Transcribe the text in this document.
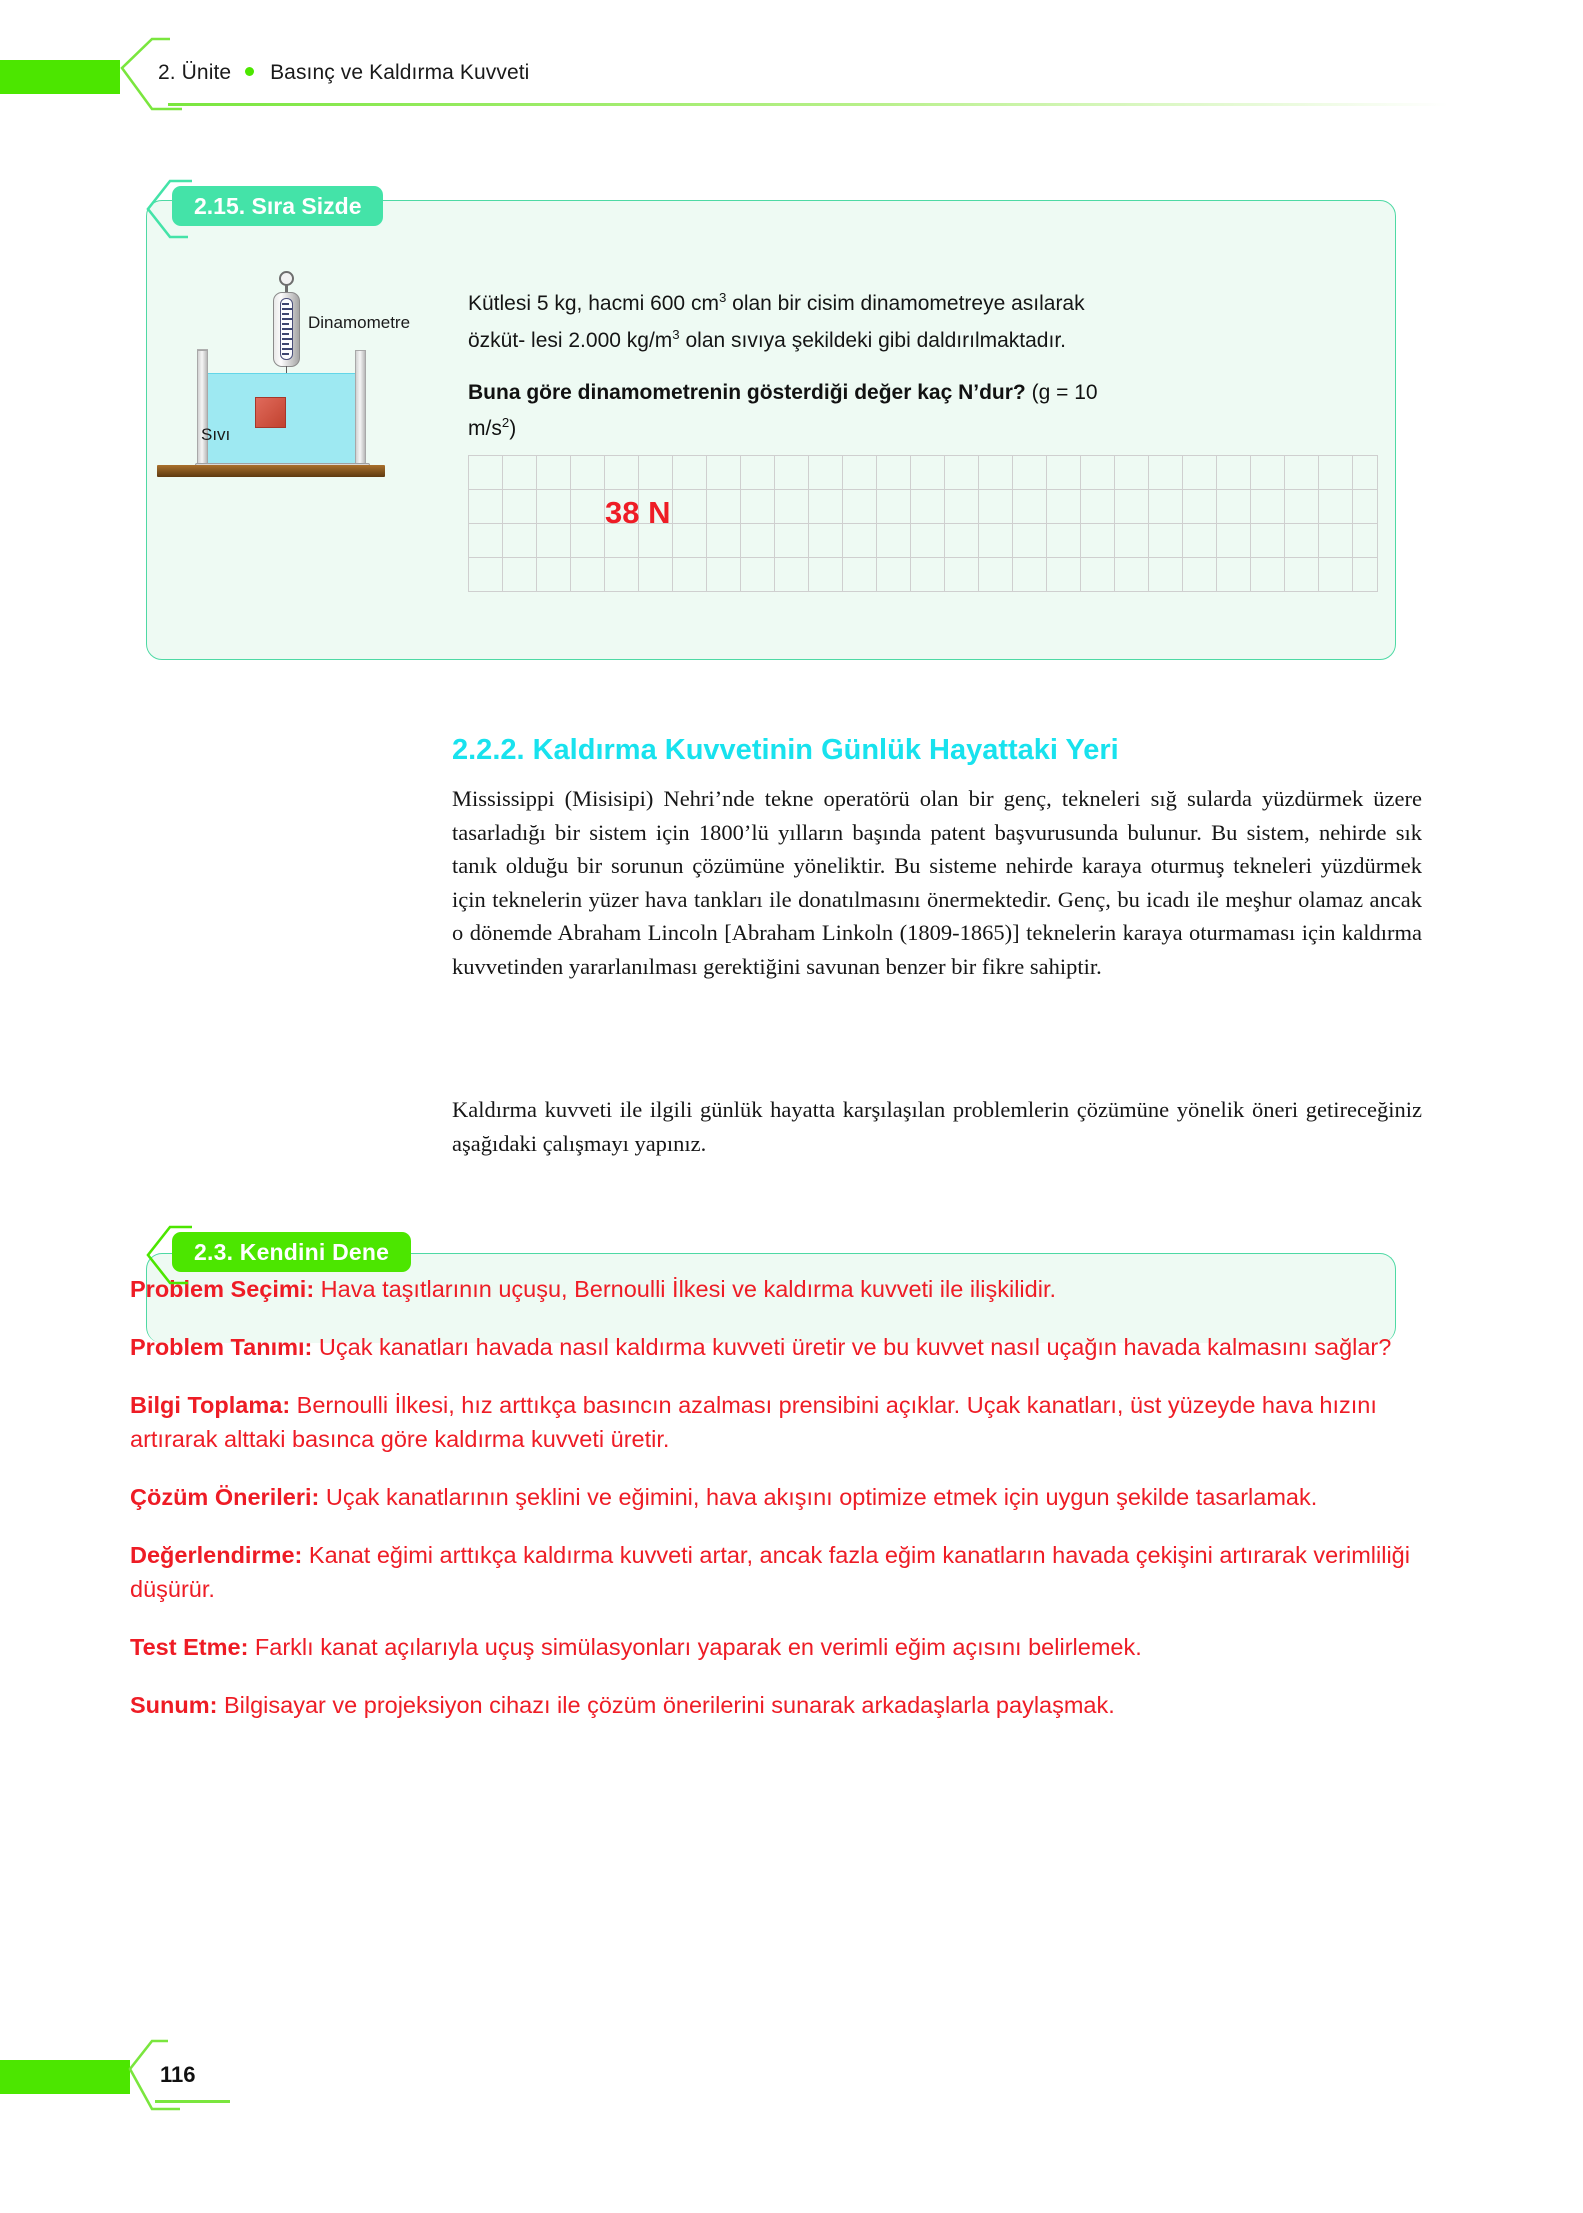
2. Ünite Basınç ve Kaldırma Kuvveti
2.15. Sıra Sizde
Dinamometre
Sıvı
Kütlesi 5 kg, hacmi 600 $cm^3$ olan bir cisim dinamometreye asılarak özküt- lesi 2.000 $kg/m^3$ olan sıvıya şekildeki gibi daldırılmaktadır.
Buna göre dinamometrenin gösterdiği değer kaç N’dur? (g = 10 $m/s^2$)
38 N
2.2.2. Kaldırma Kuvvetinin Günlük Hayattaki Yeri
Mississippi (Misisipi) Nehri’nde tekne operatörü olan bir genç, tekneleri sığ sularda yüzdürmek üzere tasarladığı bir sistem için 1800’lü yılların başında patent başvurusunda bulunur. Bu sistem, nehirde sık tanık olduğu bir sorunun çözümüne yöneliktir. Bu sisteme nehirde karaya oturmuş tekneleri yüzdürmek için teknelerin yüzer hava tankları ile donatılmasını önermektedir. Genç, bu icadı ile meşhur olamaz ancak o dönemde Abraham Lincoln [Abraham Linkoln (1809-1865)] teknelerin karaya oturmaması için kaldırma kuvvetinden yararlanılması gerektiğini savunan benzer bir fikre sahiptir.
Kaldırma kuvveti ile ilgili günlük hayatta karşılaşılan problemlerin çözümüne yönelik öneri getireceğiniz aşağıdaki çalışmayı yapınız.
2.3. Kendini Dene
Problem Seçimi: Hava taşıtlarının uçuşu, Bernoulli İlkesi ve kaldırma kuvveti ile ilişkilidir.
Problem Tanımı: Uçak kanatları havada nasıl kaldırma kuvveti üretir ve bu kuvvet nasıl uçağın havada kalmasını sağlar?
Bilgi Toplama: Bernoulli İlkesi, hız arttıkça basıncın azalması prensibini açıklar. Uçak kanatları, üst yüzeyde hava hızını artırarak alttaki basınca göre kaldırma kuvveti üretir.
Çözüm Önerileri: Uçak kanatlarının şeklini ve eğimini, hava akışını optimize etmek için uygun şekilde tasarlamak.
Değerlendirme: Kanat eğimi arttıkça kaldırma kuvveti artar, ancak fazla eğim kanatların havada çekişini artırarak verimliliği düşürür.
Test Etme: Farklı kanat açılarıyla uçuş simülasyonları yaparak en verimli eğim açısını belirlemek.
Sunum: Bilgisayar ve projeksiyon cihazı ile çözüm önerilerini sunarak arkadaşlarla paylaşmak.
116
